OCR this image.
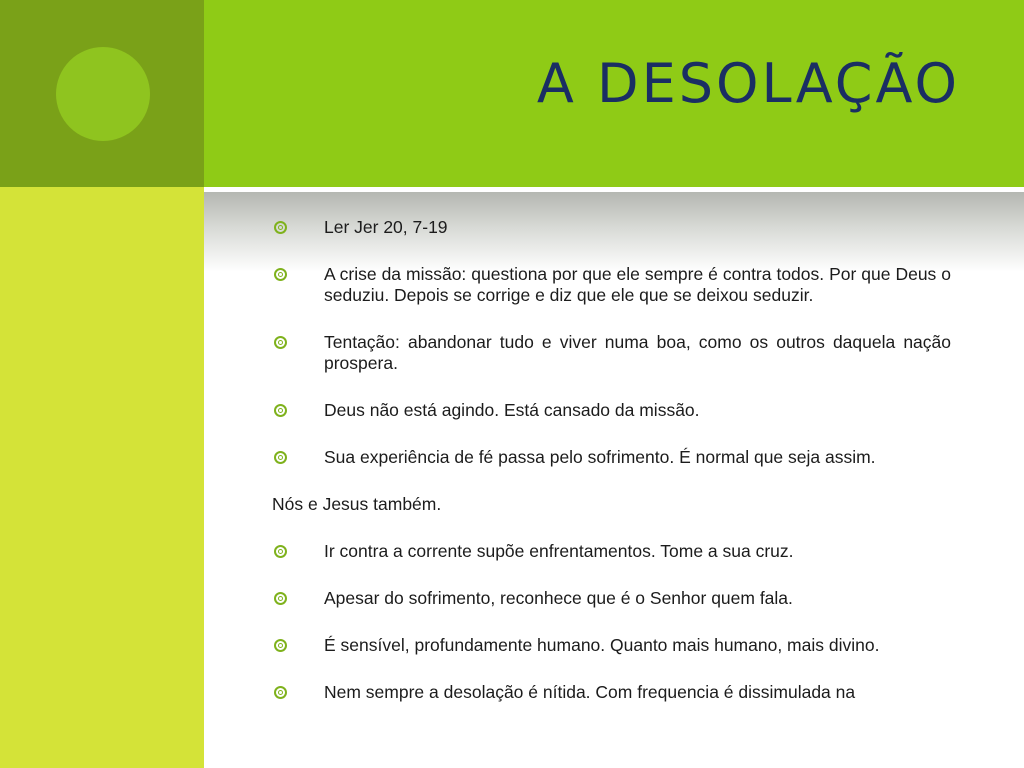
A DESOLAÇÃO
Ler Jer 20, 7-19
A crise da missão: questiona por que ele sempre é contra todos. Por que Deus o seduziu. Depois se corrige e diz que ele que se deixou seduzir.
Tentação: abandonar tudo e viver numa boa, como os outros daquela nação prospera.
Deus não está agindo. Está cansado da missão.
Sua experiência de fé passa pelo sofrimento. É normal que seja assim.
Nós e Jesus também.
Ir contra a corrente supõe enfrentamentos. Tome a sua cruz.
Apesar do sofrimento, reconhece que é o Senhor quem fala.
É sensível, profundamente humano. Quanto mais humano, mais divino.
Nem sempre a desolação é nítida. Com frequencia é dissimulada na
